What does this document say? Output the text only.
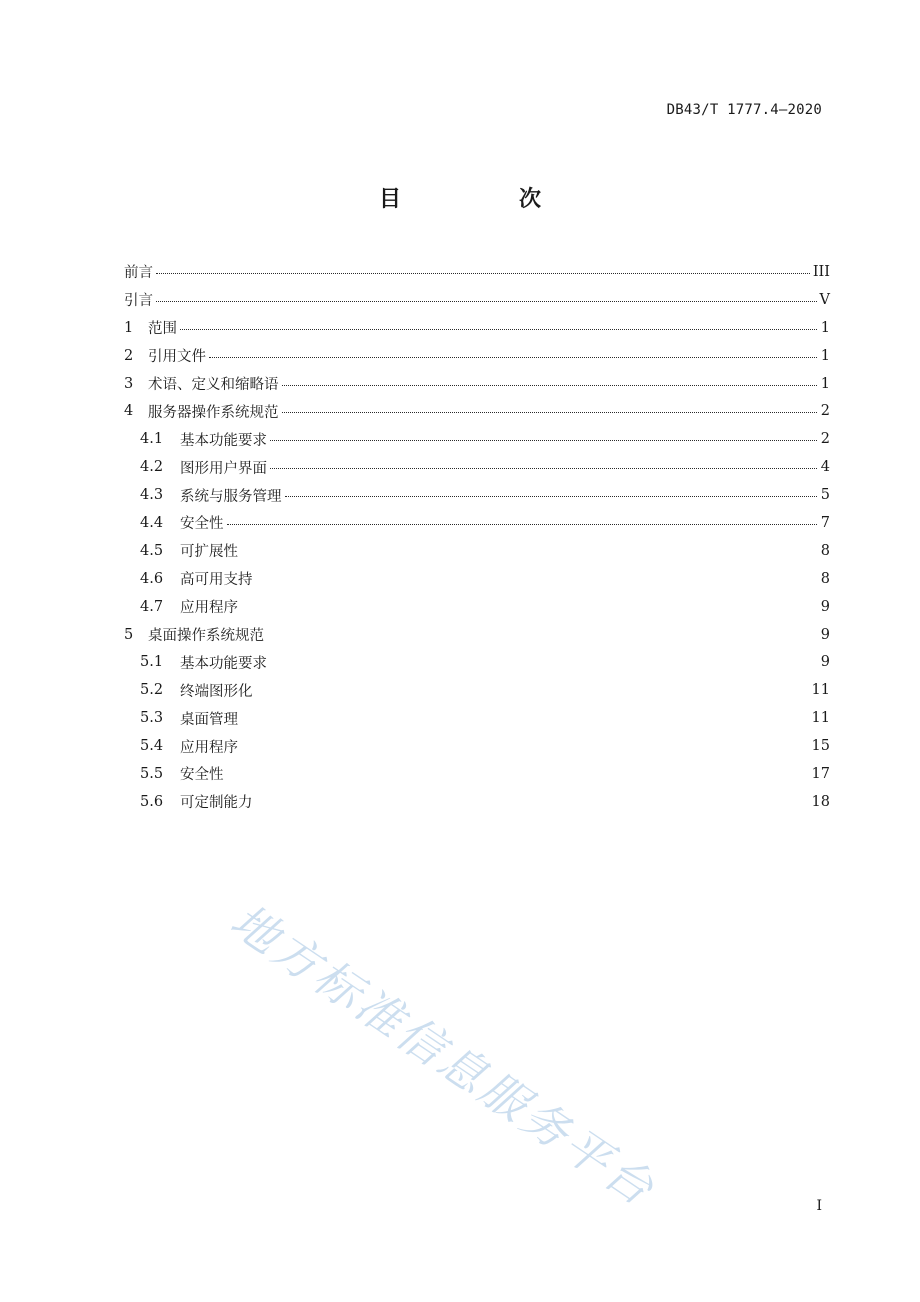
DB43/T 1777.4—2020
目　次
前言	III
引言	V
1	范围	1
2	引用文件	1
3	术语、定义和缩略语	1
4	服务器操作系统规范	2
4.1	基本功能要求	2
4.2	图形用户界面	4
4.3	系统与服务管理	5
4.4	安全性	7
4.5	可扩展性	8
4.6	高可用支持	8
4.7	应用程序	9
5	桌面操作系统规范	9
5.1	基本功能要求	9
5.2	终端图形化	11
5.3	桌面管理	11
5.4	应用程序	15
5.5	安全性	17
5.6	可定制能力	18
地方标准信息服务平台	I
